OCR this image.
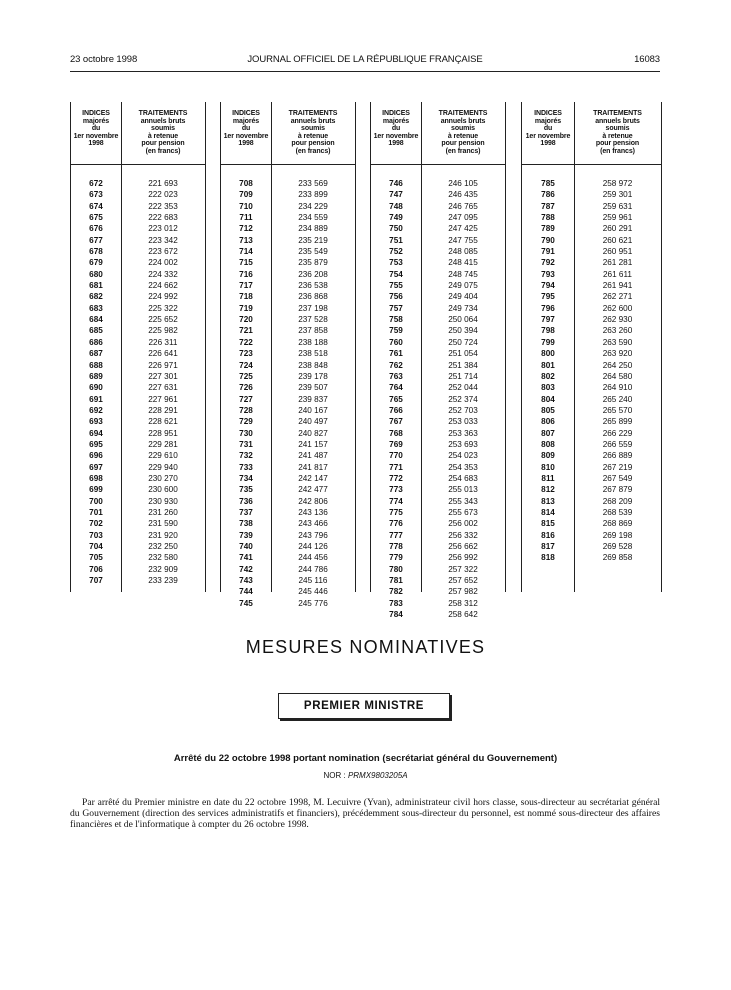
23 octobre 1998	JOURNAL OFFICIEL DE LA RÉPUBLIQUE FRANÇAISE	16083
INDICES
majorés
du
1er novembre
1998
TRAITEMENTS
annuels bruts
soumis
à retenue
pour pension
(en francs)
672	221 693
673	222 023
674	222 353
675	222 683
676	223 012
677	223 342
678	223 672
679	224 002
680	224 332
681	224 662
682	224 992
683	225 322
684	225 652
685	225 982
686	226 311
687	226 641
688	226 971
689	227 301
690	227 631
691	227 961
692	228 291
693	228 621
694	228 951
695	229 281
696	229 610
697	229 940
698	230 270
699	230 600
700	230 930
701	231 260
702	231 590
703	231 920
704	232 250
705	232 580
706	232 909
707	233 239
INDICES
majorés
du
1er novembre
1998
TRAITEMENTS
annuels bruts
soumis
à retenue
pour pension
(en francs)
708	233 569
709	233 899
710	234 229
711	234 559
712	234 889
713	235 219
714	235 549
715	235 879
716	236 208
717	236 538
718	236 868
719	237 198
720	237 528
721	237 858
722	238 188
723	238 518
724	238 848
725	239 178
726	239 507
727	239 837
728	240 167
729	240 497
730	240 827
731	241 157
732	241 487
733	241 817
734	242 147
735	242 477
736	242 806
737	243 136
738	243 466
739	243 796
740	244 126
741	244 456
742	244 786
743	245 116
744	245 446
745	245 776
INDICES
majorés
du
1er novembre
1998
TRAITEMENTS
annuels bruts
soumis
à retenue
pour pension
(en francs)
746	246 105
747	246 435
748	246 765
749	247 095
750	247 425
751	247 755
752	248 085
753	248 415
754	248 745
755	249 075
756	249 404
757	249 734
758	250 064
759	250 394
760	250 724
761	251 054
762	251 384
763	251 714
764	252 044
765	252 374
766	252 703
767	253 033
768	253 363
769	253 693
770	254 023
771	254 353
772	254 683
773	255 013
774	255 343
775	255 673
776	256 002
777	256 332
778	256 662
779	256 992
780	257 322
781	257 652
782	257 982
783	258 312
784	258 642
INDICES
majorés
du
1er novembre
1998
TRAITEMENTS
annuels bruts
soumis
à retenue
pour pension
(en francs)
785	258 972
786	259 301
787	259 631
788	259 961
789	260 291
790	260 621
791	260 951
792	261 281
793	261 611
794	261 941
795	262 271
796	262 600
797	262 930
798	263 260
799	263 590
800	263 920
801	264 250
802	264 580
803	264 910
804	265 240
805	265 570
806	265 899
807	266 229
808	266 559
809	266 889
810	267 219
811	267 549
812	267 879
813	268 209
814	268 539
815	268 869
816	269 198
817	269 528
818	269 858
MESURES NOMINATIVES
PREMIER MINISTRE
Arrêté du 22 octobre 1998 portant nomination (secrétariat général du Gouvernement)
NOR : PRMX9803205A
Par arrêté du Premier ministre en date du 22 octobre 1998, M. Lecuivre (Yvan), administrateur civil hors classe, sous-directeur au secrétariat général du Gouvernement (direction des services administratifs et financiers), précédemment sous-directeur du personnel, est nommé sous-directeur des affaires financières et de l'informatique à compter du 26 octobre 1998.
